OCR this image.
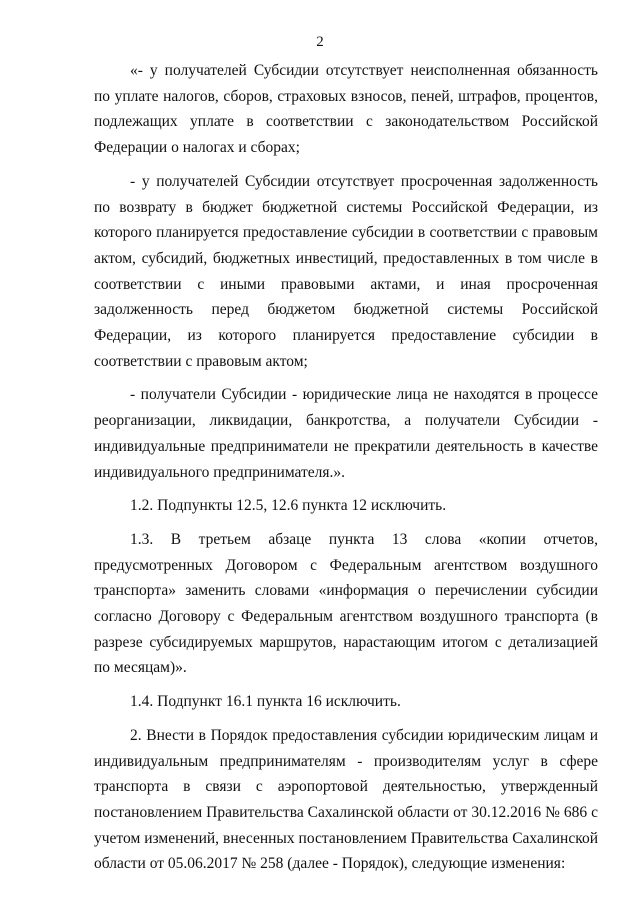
2

«- у получателей Субсидии отсутствует неисполненная обязанность по уплате налогов, сборов, страховых взносов, пеней, штрафов, процентов, подлежащих уплате в соответствии с законодательством Российской Федерации о налогах и сборах;

- у получателей Субсидии отсутствует просроченная задолженность по возврату в бюджет бюджетной системы Российской Федерации, из которого планируется предоставление субсидии в соответствии с правовым актом, субсидий, бюджетных инвестиций, предоставленных в том числе в соответствии с иными правовыми актами, и иная просроченная задолженность перед бюджетом бюджетной системы Российской Федерации, из которого планируется предоставление субсидии в соответствии с правовым актом;

- получатели Субсидии - юридические лица не находятся в процессе реорганизации, ликвидации, банкротства, а получатели Субсидии - индивидуальные предприниматели не прекратили деятельность в качестве индивидуального предпринимателя.».

1.2. Подпункты 12.5, 12.6 пункта 12 исключить.

1.3. В третьем абзаце пункта 13 слова «копии отчетов, предусмотренных Договором с Федеральным агентством воздушного транспорта» заменить словами «информация о перечислении субсидии согласно Договору с Федеральным агентством воздушного транспорта (в разрезе субсидируемых маршрутов, нарастающим итогом с детализацией по месяцам)».

1.4. Подпункт 16.1 пункта 16 исключить.

2. Внести в Порядок предоставления субсидии юридическим лицам и индивидуальным предпринимателям - производителям услуг в сфере транспорта в связи с аэропортовой деятельностью, утвержденный постановлением Правительства Сахалинской области от 30.12.2016 № 686 с учетом изменений, внесенных постановлением Правительства Сахалинской области от 05.06.2017 № 258 (далее - Порядок), следующие изменения:
